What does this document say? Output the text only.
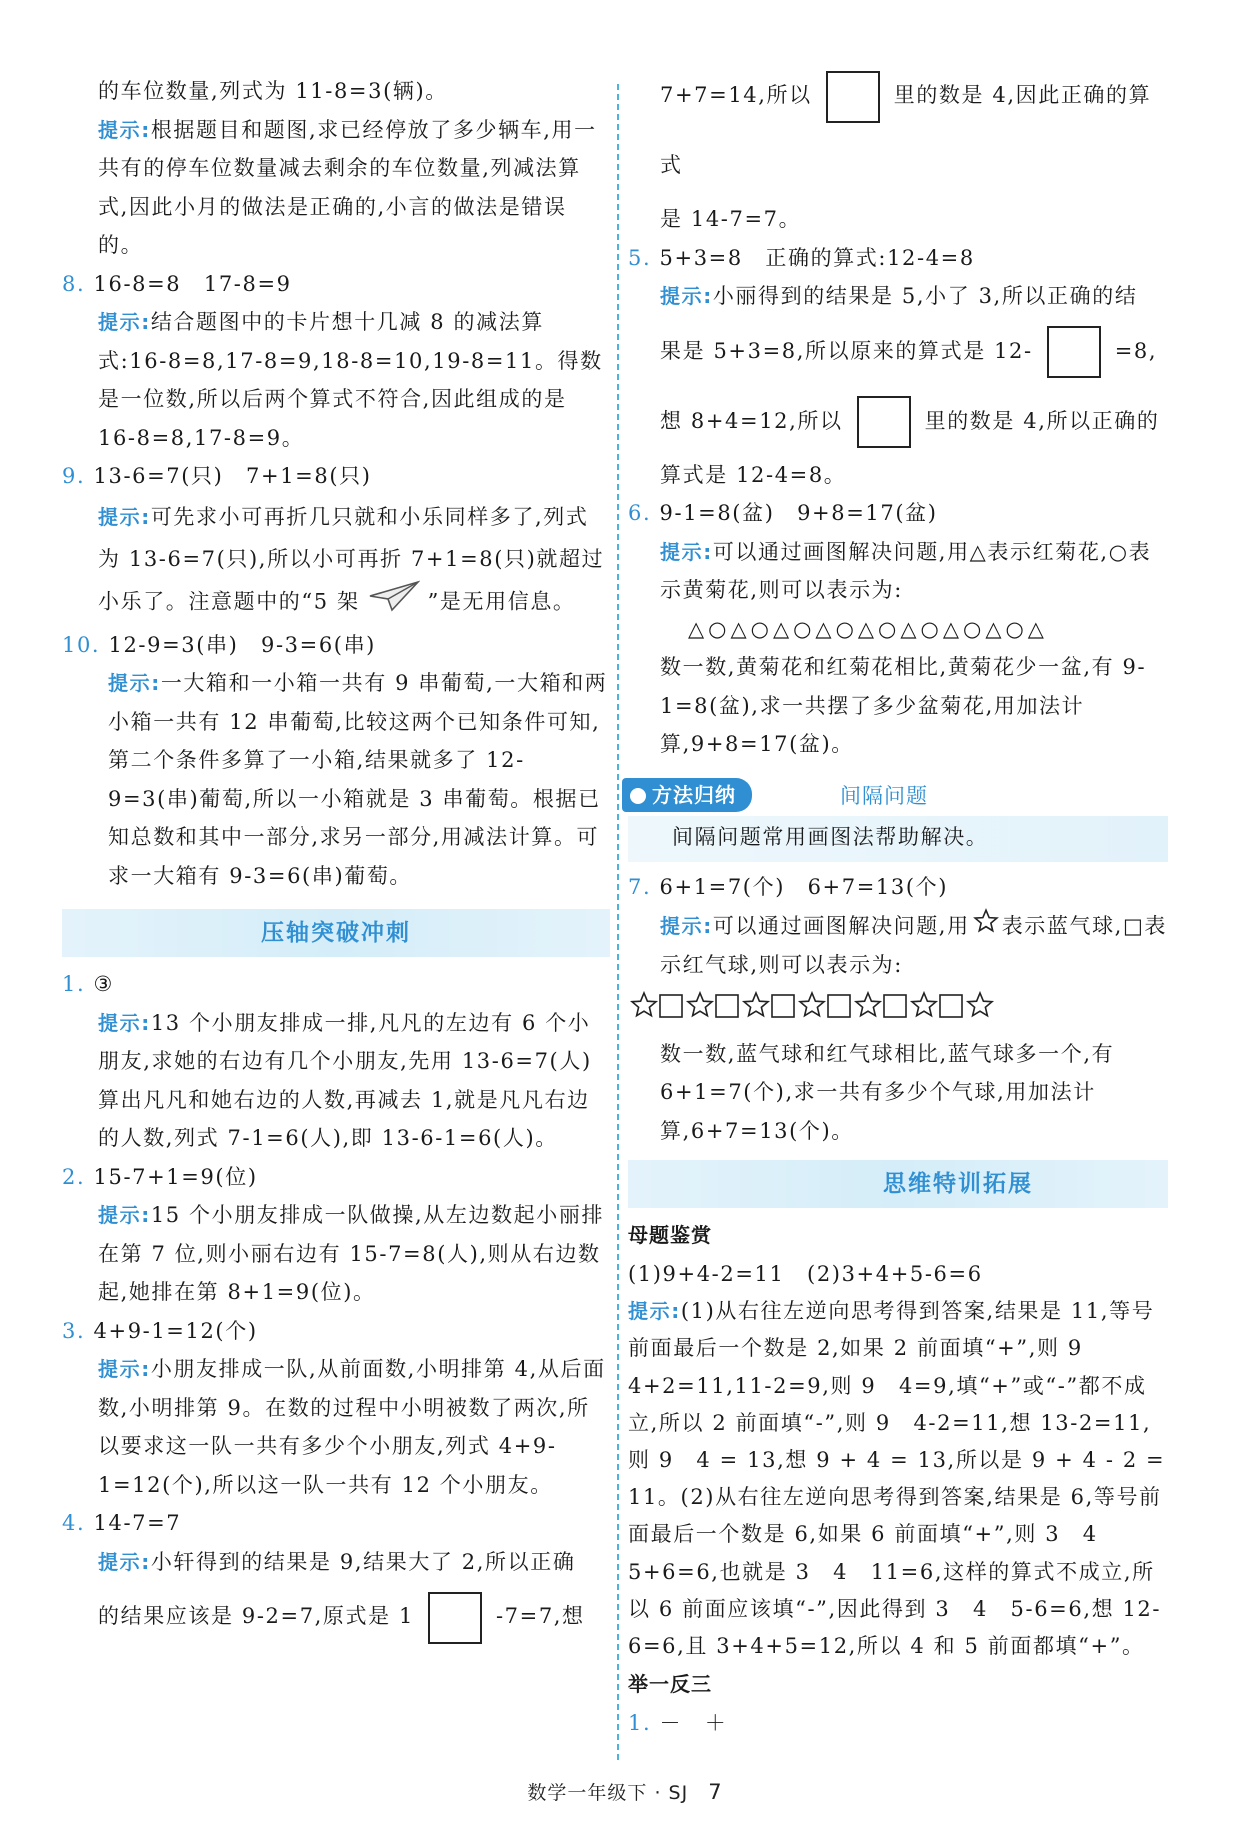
的车位数量,列式为 11-8=3(辆)。

提示:根据题目和题图,求已经停放了多少辆车,用一共有的停车位数量减去剩余的车位数量,列减法算式,因此小月的做法是正确的,小言的做法是错误的。

8. 16-8=8　17-8=9

提示:结合题图中的卡片想十几减 8 的减法算式:16-8=8,17-8=9,18-8=10,19-8=11。得数是一位数,所以后两个算式不符合,因此组成的是 16-8=8,17-8=9。

9. 13-6=7(只)　7+1=8(只)

提示:可先求小可再折几只就和小乐同样多了,列式为 13-6=7(只),所以小可再折 7+1=8(只)就超过小乐了。注意题中的“5 架	”是无用信息。

10. 12-9=3(串)　9-3=6(串)

提示:一大箱和一小箱一共有 9 串葡萄,一大箱和两小箱一共有 12 串葡萄,比较这两个已知条件可知,第二个条件多算了一小箱,结果就多了 12-9=3(串)葡萄,所以一小箱就是 3 串葡萄。根据已知总数和其中一部分,求另一部分,用减法计算。可求一大箱有 9-3=6(串)葡萄。

压轴突破冲刺

1. ③

提示:13 个小朋友排成一排,凡凡的左边有 6 个小朋友,求她的右边有几个小朋友,先用 13-6=7(人)算出凡凡和她右边的人数,再减去 1,就是凡凡右边的人数,列式 7-1=6(人),即 13-6-1=6(人)。

2. 15-7+1=9(位)

提示:15 个小朋友排成一队做操,从左边数起小丽排在第 7 位,则小丽右边有 15-7=8(人),则从右边数起,她排在第 8+1=9(位)。

3. 4+9-1=12(个)

提示:小朋友排成一队,从前面数,小明排第 4,从后面数,小明排第 9。在数的过程中小明被数了两次,所以要求这一队一共有多少个小朋友,列式 4+9-1=12(个),所以这一队一共有 12 个小朋友。

4. 14-7=7

提示:小轩得到的结果是 9,结果大了 2,所以正确

的结果应该是 9-2=7,原式是 1	-7=7,想

7+7=14,所以	里的数是 4,因此正确的算式

是 14-7=7。

5. 5+3=8　正确的算式:12-4=8

提示:小丽得到的结果是 5,小了 3,所以正确的结

果是 5+3=8,所以原来的算式是 12-	=8,

想 8+4=12,所以	里的数是 4,所以正确的

算式是 12-4=8。

6. 9-1=8(盆)　9+8=17(盆)

提示:可以通过画图解决问题,用△表示红菊花,○表示黄菊花,则可以表示为:

△○△○△○△○△○△○△○△○△

数一数,黄菊花和红菊花相比,黄菊花少一盆,有 9-1=8(盆),求一共摆了多少盆菊花,用加法计算,9+8=17(盆)。

方法归纳	间隔问题

间隔问题常用画图法帮助解决。

7. 6+1=7(个)　6+7=13(个)

提示:可以通过画图解决问题,用 表示蓝气球,□表示红气球,则可以表示为:

数一数,蓝气球和红气球相比,蓝气球多一个,有 6+1=7(个),求一共有多少个气球,用加法计算,6+7=13(个)。

思维特训拓展

母题鉴赏

(1)9+4-2=11　(2)3+4+5-6=6

提示:(1)从右往左逆向思考得到答案,结果是 11,等号前面最后一个数是 2,如果 2 前面填“+”,则 9　4+2=11,11-2=9,则 9　4=9,填“+”或“-”都不成立,所以 2 前面填“-”,则 9　4-2=11,想 13-2=11,则 9　4 = 13,想 9 + 4 = 13,所以是 9 + 4 - 2 = 11。(2)从右往左逆向思考得到答案,结果是 6,等号前面最后一个数是 6,如果 6 前面填“+”,则 3　4　5+6=6,也就是 3　4　11=6,这样的算式不成立,所以 6 前面应该填“-”,因此得到 3　4　5-6=6,想 12-6=6,且 3+4+5=12,所以 4 和 5 前面都填“+”。

举一反三

1. －　＋

数学一年级下 · SJ 7
